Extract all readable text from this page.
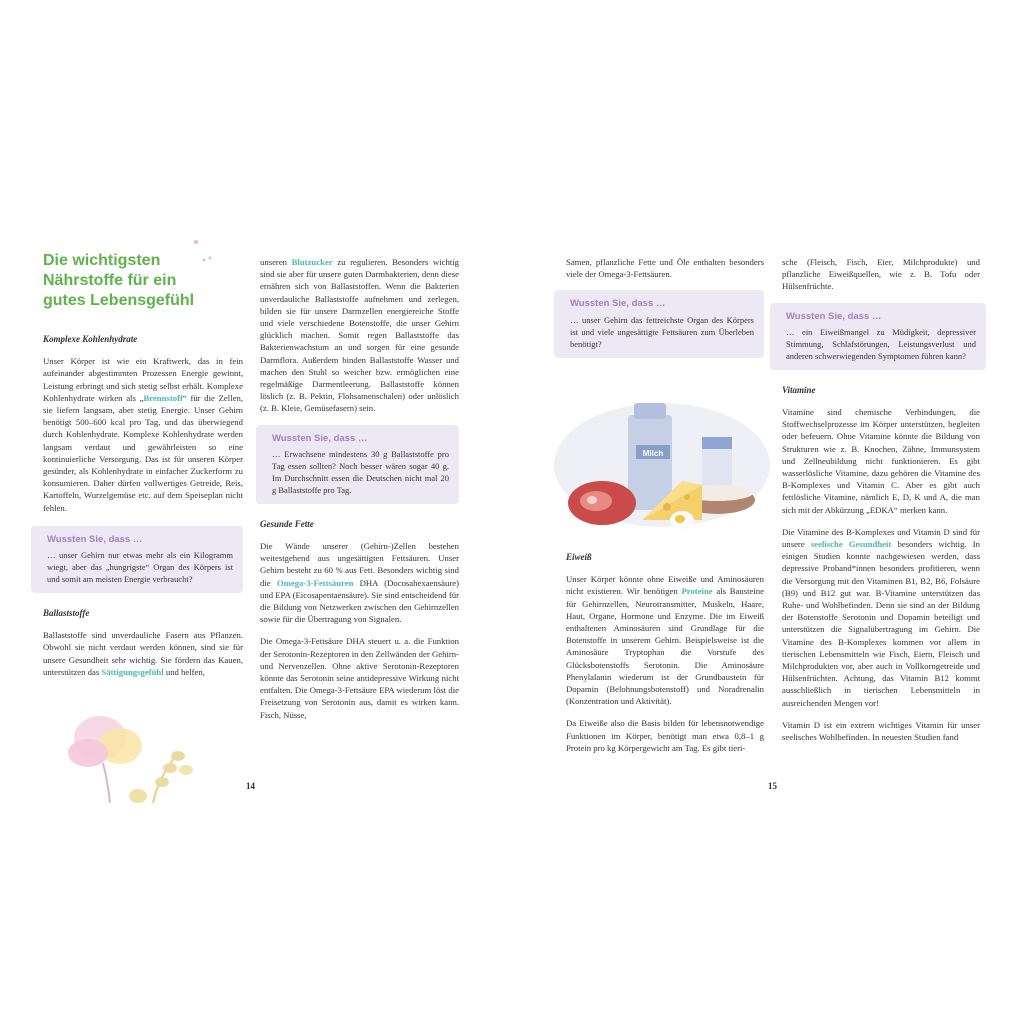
Die wichtigsten

Nährstoffe für ein

gutes Lebensgefühl

Komplexe Kohlenhydrate

Unser Körper ist wie ein Kraftwerk, das in fein aufeinander abgestimmten Prozessen Energie gewinnt, Leistung erbringt und sich stetig selbst erhält. Komplexe Kohlenhydrate wirken als „Brennstoff“ für die Zellen, sie liefern langsam, aber stetig Energie. Unser Gehirn benötigt 500–600 kcal pro Tag, und das überwiegend durch Kohlenhydrate. Komplexe Kohlenhydrate werden langsam verdaut und gewährleisten so eine kontinuierliche Versorgung. Das ist für unseren Körper gesünder, als Kohlenhydrate in einfacher Zuckerform zu konsumieren. Daher dürfen vollwertiges Getreide, Reis, Kartoffeln, Wurzelgemüse etc. auf dem Speiseplan nicht fehlen.

Wussten Sie, dass …
… unser Gehirn nur etwas mehr als ein Kilogramm wiegt, aber das „hungrigste“ Organ des Körpers ist und somit am meisten Energie verbraucht?

Ballaststoffe

Ballaststoffe sind unverdauliche Fasern aus Pflanzen. Obwohl sie nicht verdaut werden können, sind sie für unsere Gesundheit sehr wichtig. Sie fördern das Kauen, unterstützen das Sättigungsgefühl und helfen,

unseren Blutzucker zu regulieren. Besonders wichtig sind sie aber für unsere guten Darmbakterien, denn diese ernähren sich von Ballaststoffen. Wenn die Bakterien unverdauliche Ballaststoffe aufnehmen und zerlegen, bilden sie für unsere Darmzellen energiereiche Stoffe und viele verschiedene Botenstoffe, die unser Gehirn glücklich machen. Somit regen Ballaststoffe das Bakterienwachstum an und sorgen für eine gesunde Darmflora. Außerdem binden Ballaststoffe Wasser und machen den Stuhl so weicher bzw. ermöglichen eine regelmäßige Darmentleerung. Ballaststoffe können löslich (z. B. Pektin, Flohsamenschalen) oder unlöslich (z. B. Kleie, Gemüsefasern) sein.

Wussten Sie, dass …
… Erwachsene mindestens 30 g Ballaststoffe pro Tag essen sollten? Noch besser wären sogar 40 g. Im Durchschnitt essen die Deutschen nicht mal 20 g Ballaststoffe pro Tag.

Gesunde Fette

Die Wände unserer (Gehirn-)Zellen bestehen weitestgehend aus ungesättigten Fettsäuren. Unser Gehirn besteht zu 60 % aus Fett. Besonders wichtig sind die Omega-3-Fettsäuren DHA (Docosahexaensäure) und EPA (Eicosapentaensäure). Sie sind entscheidend für die Bildung von Netzwerken zwischen den Gehirnzellen sowie für die Übertragung von Signalen.

Die Omega-3-Fettsäure DHA steuert u. a. die Funktion der Serotonin-Rezeptoren in den Zellwänden der Gehirn- und Nervenzellen. Ohne aktive Serotonin-Rezeptoren könnte das Serotonin seine antidepressive Wirkung nicht entfalten. Die Omega-3-Fettsäure EPA wiederum löst die Freisetzung von Serotonin aus, damit es wirken kann. Fisch, Nüsse,

14

Samen, pflanzliche Fette und Öle enthalten besonders viele der Omega-3-Fettsäuren.

Wussten Sie, dass …
… unser Gehirn das fettreichste Organ des Körpers ist und viele ungesättigte Fettsäuren zum Überleben benötigt?
Milch

Eiweiß

Unser Körper könnte ohne Eiweiße und Aminosäuren nicht existieren. Wir benötigen Proteine als Bausteine für Gehirnzellen, Neurotransmitter, Muskeln, Haare, Haut, Organe, Hormone und Enzyme. Die im Eiweiß enthaltenen Aminosäuren sind Grundlage für die Botenstoffe in unserem Gehirn. Beispielsweise ist die Aminosäure Tryptophan die Vorstufe des Glücksbotenstoffs Serotonin. Die Aminosäure Phenylalanin wiederum ist der Grundbaustein für Dopamin (Belohnungsbotenstoff) und Noradrenalin (Konzentration und Aktivität).

Da Eiweiße also die Basis bilden für lebensnotwendige Funktionen im Körper, benötigt man etwa 0,8–1 g Protein pro kg Körpergewicht am Tag. Es gibt tieri-

sche (Fleisch, Fisch, Eier, Milchprodukte) und pflanzliche Eiweißquellen, wie z. B. Tofu oder Hülsenfrüchte.

Wussten Sie, dass …
… ein Eiweißmangel zu Müdigkeit, depressiver Stimmung, Schlafstörungen, Leistungsverlust und anderen schwerwiegenden Symptomen führen kann?

Vitamine

Vitamine sind chemische Verbindungen, die Stoffwechselprozesse im Körper unterstützen, begleiten oder befeuern. Ohne Vitamine könnte die Bildung von Strukturen wie z. B. Knochen, Zähne, Immunsystem und Zellneubildung nicht funktionieren. Es gibt wasserlösliche Vitamine, dazu gehören die Vitamine des B-Komplexes und Vitamin C. Aber es gibt auch fettlösliche Vitamine, nämlich E, D, K und A, die man sich mit der Abkürzung „EDKA“ merken kann.

Die Vitamine des B-Komplexes und Vitamin D sind für unsere seelische Gesundheit besonders wichtig. In einigen Studien konnte nachgewiesen werden, dass depressive Proband*innen besonders profitieren, wenn die Versorgung mit den Vitaminen B1, B2, B6, Folsäure (B9) und B12 gut war. B-Vitamine unterstützen das Ruhe- und Wohlbefinden. Denn sie sind an der Bildung der Botenstoffe Serotonin und Dopamin beteiligt und unterstützen die Signalübertragung im Gehirn. Die Vitamine des B-Komplexes kommen vor allem in tierischen Lebensmitteln wie Fisch, Eiern, Fleisch und Milchprodukten vor, aber auch in Vollkorngetreide und Hülsenfrüchten. Achtung, das Vitamin B12 kommt ausschließlich in tierischen Lebensmitteln in ausreichenden Mengen vor!

Vitamin D ist ein extrem wichtiges Vitamin für unser seelisches Wohlbefinden. In neuesten Studien fand

15
